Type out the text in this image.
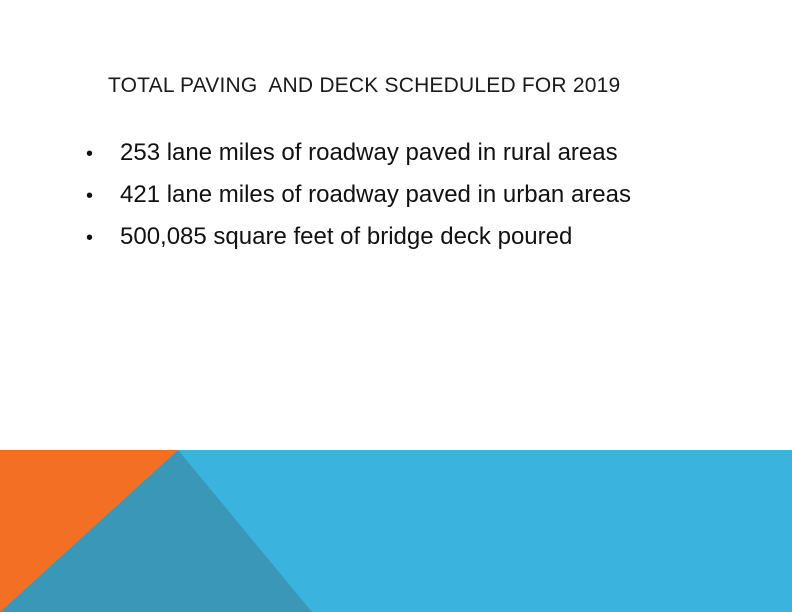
TOTAL PAVING  AND DECK SCHEDULED FOR 2019
• 253 lane miles of roadway paved in rural areas
• 421 lane miles of roadway paved in urban areas
• 500,085 square feet of bridge deck poured
